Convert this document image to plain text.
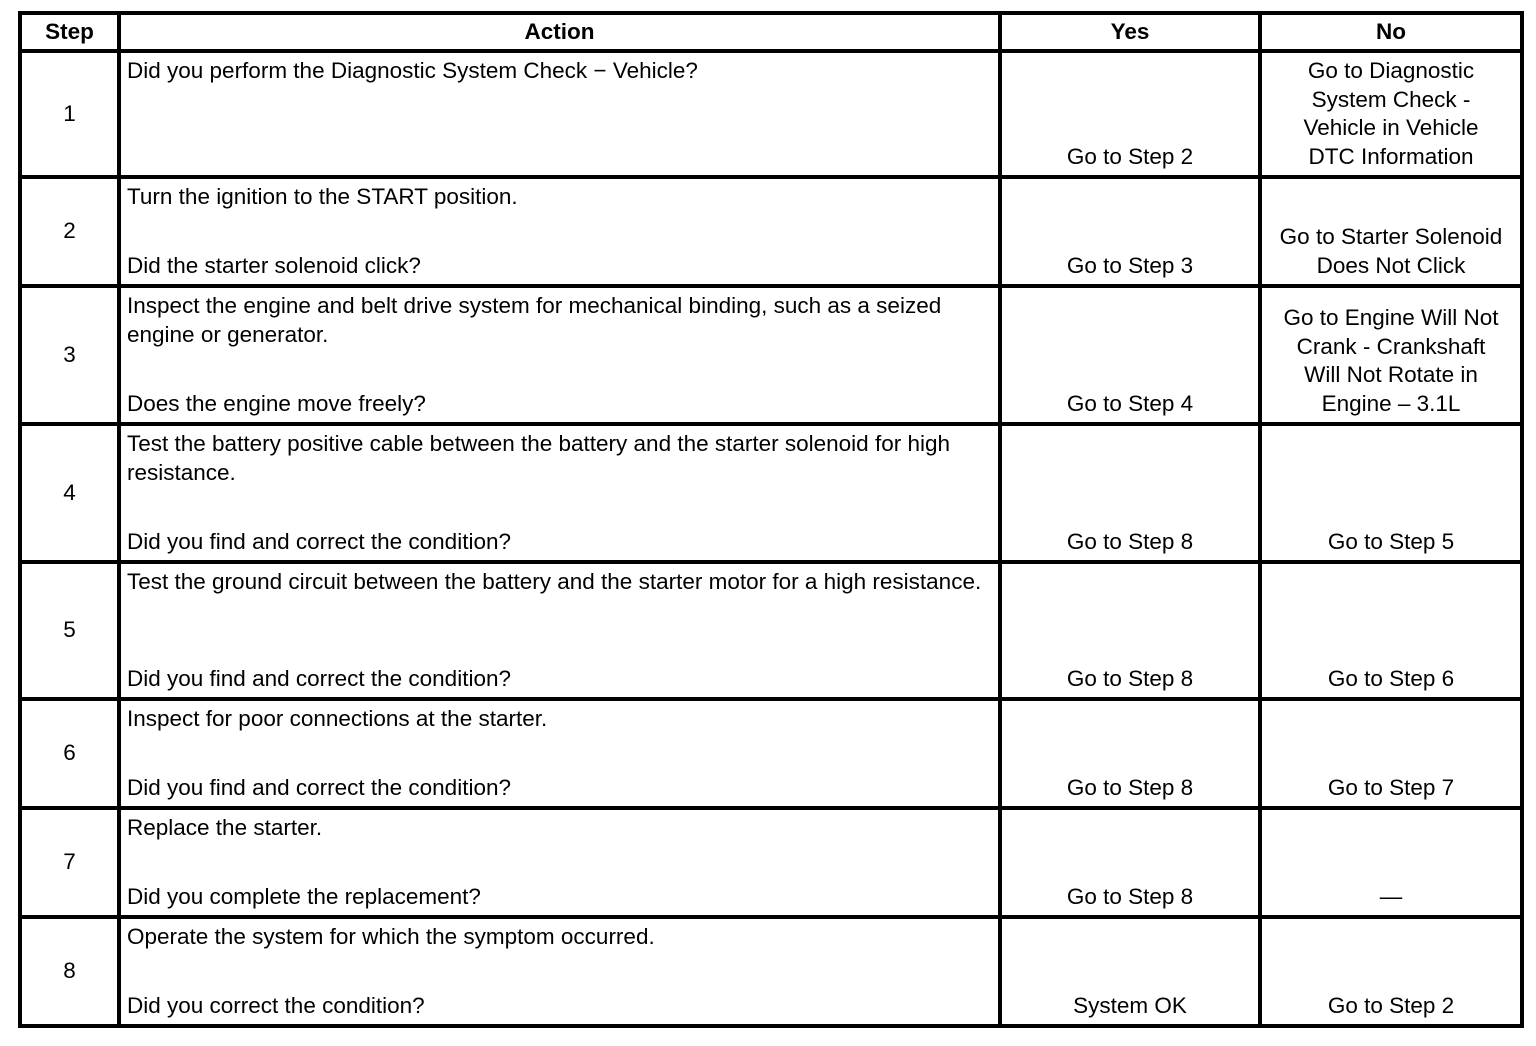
Step	Action	Yes	No
1	Did you perform the Diagnostic System Check − Vehicle?	Go to Step 2	Go to Diagnostic System Check - Vehicle in Vehicle DTC Information

2	Turn the ignition to the START position.
Did the starter solenoid click?	Go to Step 3	Go to Starter Solenoid Does Not Click

3	Inspect the engine and belt drive system for mechanical binding, such as a seized engine or generator.
Does the engine move freely?	Go to Step 4	Go to Engine Will Not Crank - Crankshaft Will Not Rotate in Engine – 3.1L

4	Test the battery positive cable between the battery and the starter solenoid for high resistance.
Did you find and correct the condition?	Go to Step 8	Go to Step 5

5	Test the ground circuit between the battery and the starter motor for a high resistance.
Did you find and correct the condition?	Go to Step 8	Go to Step 6

6	Inspect for poor connections at the starter.
Did you find and correct the condition?	Go to Step 8	Go to Step 7

7	Replace the starter.
Did you complete the replacement?	Go to Step 8	—

8	Operate the system for which the symptom occurred.
Did you correct the condition?	System OK	Go to Step 2
